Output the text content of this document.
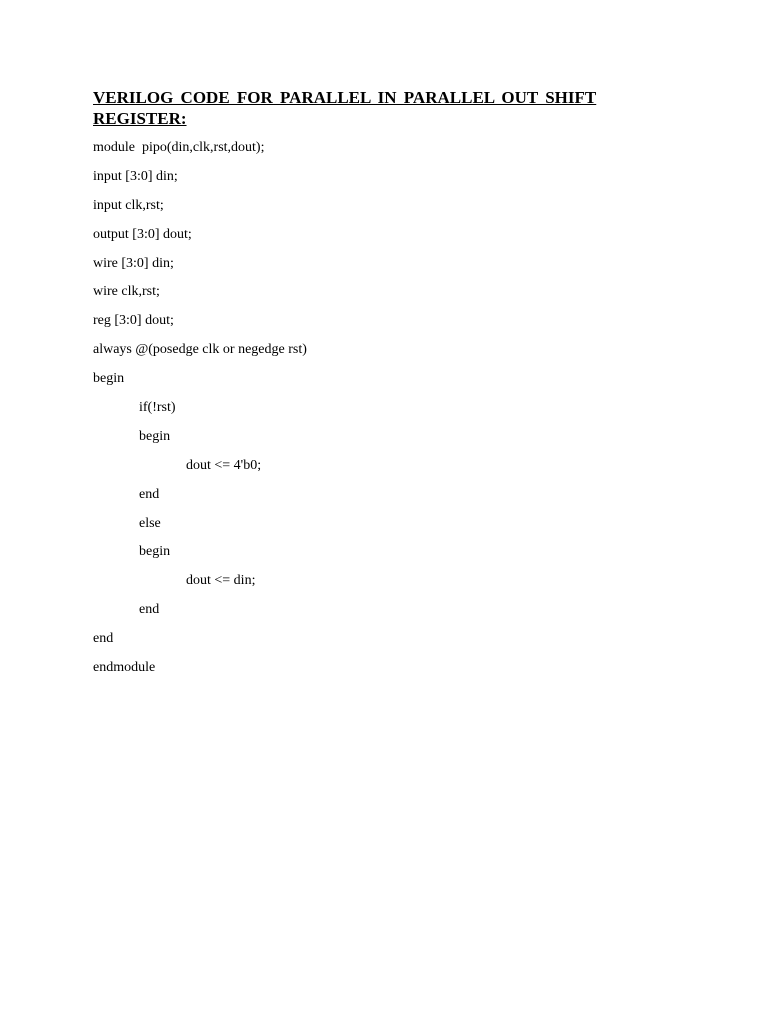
VERILOG CODE FOR PARALLEL IN PARALLEL OUT SHIFT REGISTER:
module  pipo(din,clk,rst,dout);
input [3:0] din;
input clk,rst;
output [3:0] dout;
wire [3:0] din;
wire clk,rst;
reg [3:0] dout;
always @(posedge clk or negedge rst)
begin
if(!rst)
begin
dout <= 4'b0;
end
else
begin
dout <= din;
end
end
endmodule
